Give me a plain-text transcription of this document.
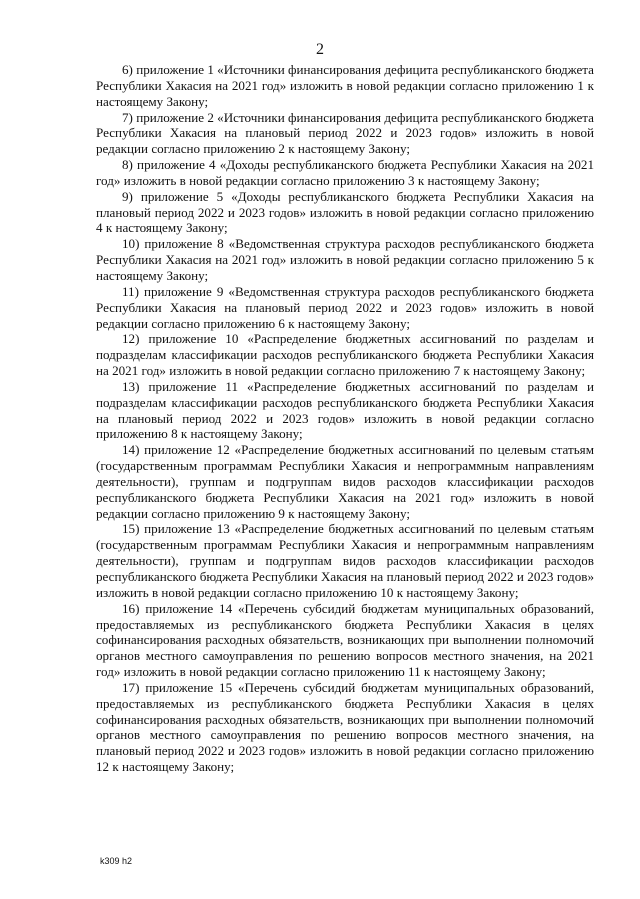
2

6) приложение 1 «Источники финансирования дефицита республиканского бюджета Республики Хакасия на 2021 год» изложить в новой редакции согласно приложению 1 к настоящему Закону;

7) приложение 2 «Источники финансирования дефицита республиканского бюджета Республики Хакасия на плановый период 2022 и 2023 годов» изложить в новой редакции согласно приложению 2 к настоящему Закону;

8) приложение 4 «Доходы республиканского бюджета Республики Хакасия на 2021 год» изложить в новой редакции согласно приложению 3 к настоящему Закону;

9) приложение 5 «Доходы республиканского бюджета Республики Хакасия на плановый период 2022 и 2023 годов» изложить в новой редакции согласно приложению 4 к настоящему Закону;

10) приложение 8 «Ведомственная структура расходов республиканского бюджета Республики Хакасия на 2021 год» изложить в новой редакции согласно приложению 5 к настоящему Закону;

11) приложение 9 «Ведомственная структура расходов республиканского бюджета Республики Хакасия на плановый период 2022 и 2023 годов» изложить в новой редакции согласно приложению 6 к настоящему Закону;

12) приложение 10 «Распределение бюджетных ассигнований по разделам и подразделам классификации расходов республиканского бюджета Республики Хакасия на 2021 год» изложить в новой редакции согласно приложению 7 к настоящему Закону;

13) приложение 11 «Распределение бюджетных ассигнований по разделам и подразделам классификации расходов республиканского бюджета Республики Хакасия на плановый период 2022 и 2023 годов» изложить в новой редакции согласно приложению 8 к настоящему Закону;

14) приложение 12 «Распределение бюджетных ассигнований по целевым статьям (государственным программам Республики Хакасия и непрограммным направлениям деятельности), группам и подгруппам видов расходов классификации расходов республиканского бюджета Республики Хакасия на 2021 год» изложить в новой редакции согласно приложению 9 к настоящему Закону;

15) приложение 13 «Распределение бюджетных ассигнований по целевым статьям (государственным программам Республики Хакасия и непрограммным направлениям деятельности), группам и подгруппам видов расходов классификации расходов республиканского бюджета Республики Хакасия на плановый период 2022 и 2023 годов» изложить в новой редакции согласно приложению 10 к настоящему Закону;

16) приложение 14 «Перечень субсидий бюджетам муниципальных образований, предоставляемых из республиканского бюджета Республики Хакасия в целях софинансирования расходных обязательств, возникающих при выполнении полномочий органов местного самоуправления по решению вопросов местного значения, на 2021 год» изложить в новой редакции согласно приложению 11 к настоящему Закону;

17) приложение 15 «Перечень субсидий бюджетам муниципальных образований, предоставляемых из республиканского бюджета Республики Хакасия в целях софинансирования расходных обязательств, возникающих при выполнении полномочий органов местного самоуправления по решению вопросов местного значения, на плановый период 2022 и 2023 годов» изложить в новой редакции согласно приложению 12 к настоящему Закону;

k309 h2
